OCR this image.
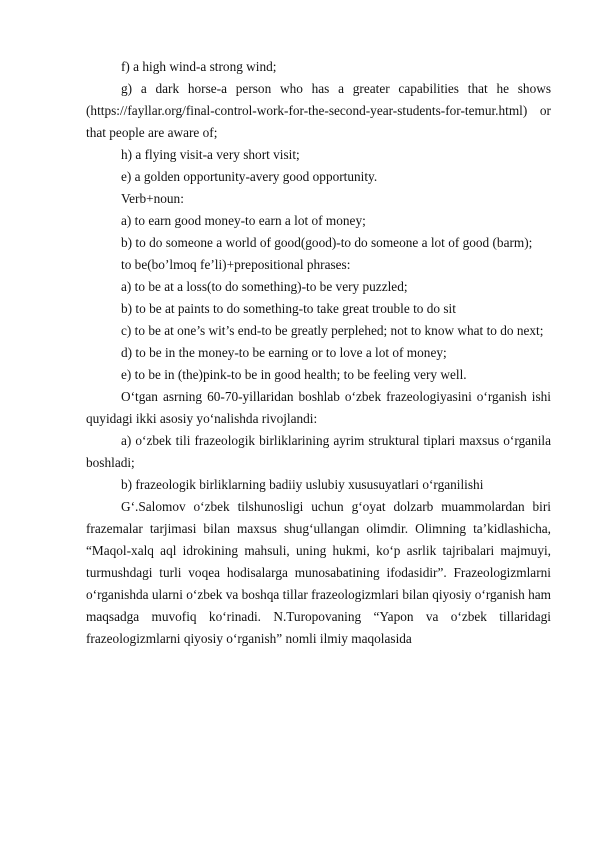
f) a high wind-a strong wind;

g) a dark horse-a person who has a greater capabilities that he shows (https://fayllar.org/final-control-work-for-the-second-year-students-for-temur.html) or that people are aware of;

h) a flying visit-a very short visit;

e) a golden opportunity-avery good opportunity.

Verb+noun:

a) to earn good money-to earn a lot of money;

b) to do someone a world of good(good)-to do someone a lot of good (barm);

to be(bo’lmoq fe’li)+prepositional phrases:

a) to be at a loss(to do something)-to be very puzzled;

b) to be at paints to do something-to take great trouble to do sit

c) to be at one’s wit’s end-to be greatly perplehed; not to know what to do next;

d) to be in the money-to be earning or to love a lot of money;

e) to be in (the)pink-to be in good health; to be feeling very well.

O‘tgan asrning 60-70-yillaridan boshlab o‘zbek frazeologiyasini o‘rganish ishi quyidagi ikki asosiy yo‘nalishda rivojlandi:

a) o‘zbek tili frazeologik birliklarining ayrim struktural tiplari maxsus o‘rganila boshladi;

b) frazeologik birliklarning badiiy uslubiy xususuyatlari o‘rganilishi

G‘.Salomov o‘zbek tilshunosligi uchun g‘oyat dolzarb muammolardan biri frazemalar tarjimasi bilan maxsus shug‘ullangan olimdir. Olimning ta’kidlashicha, “Maqol-xalq aql idrokining mahsuli, uning hukmi, ko‘p asrlik tajribalari majmuyi, turmushdagi turli voqea hodisalarga munosabatining ifodasidir”. Frazeologizmlarni o‘rganishda ularni o‘zbek va boshqa tillar frazeologizmlari bilan qiyosiy o‘rganish ham maqsadga muvofiq ko‘rinadi. N.Turopovaning “Yapon va o‘zbek tillaridagi frazeologizmlarni qiyosiy o‘rganish” nomli ilmiy maqolasida
